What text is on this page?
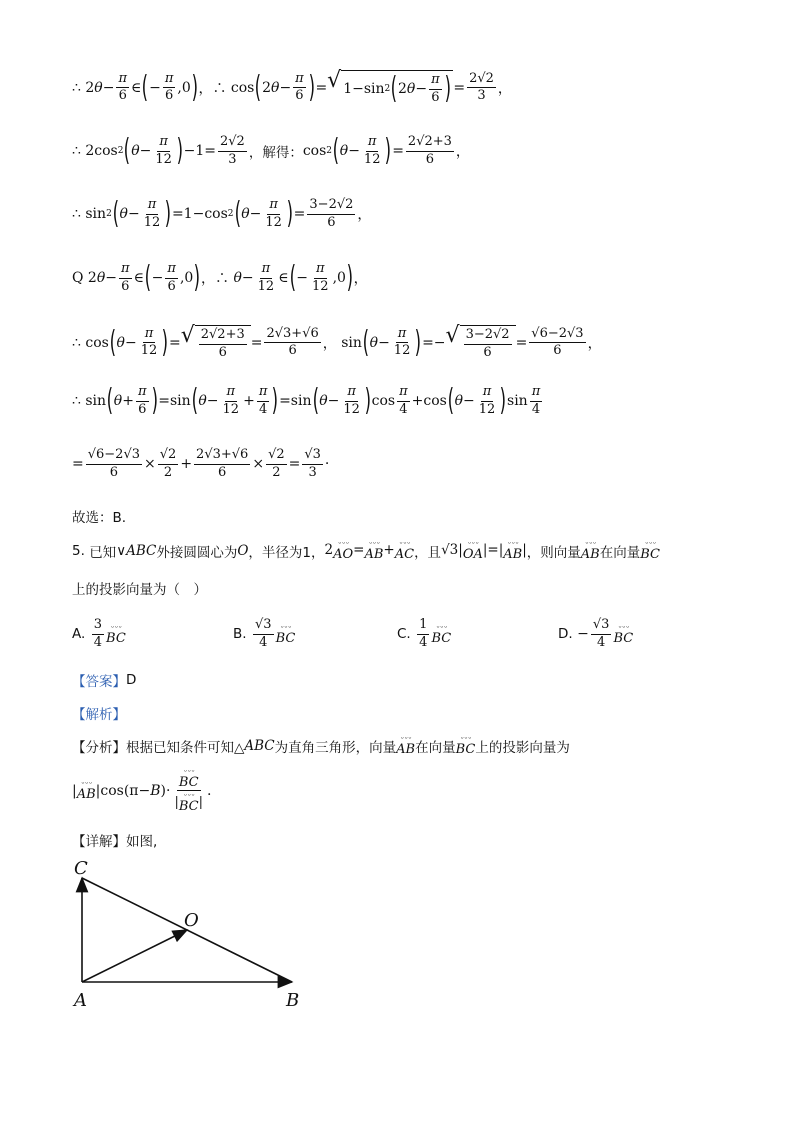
∴ 2 $\theta - \frac{\pi}{6}$ ∈ ( − $\frac{\pi}{6} ,0$ ) ，∴ cos ( 2 $\theta - \frac{\pi}{6}$ ) = √ 1−sin 2 ( 2 $\theta - \frac{\pi}{6}$ ) = $\frac{2√2}{3}$ ，
∴ 2cos 2 ( $\theta - \frac{\pi}{12}$ ) $-1= \frac{2√2}{3}$ ，解得： cos 2 ( $\theta - \frac{\pi}{12}$ ) = $\frac{2√2+3}{6}$ ，
∴ sin 2 ( $\theta - \frac{\pi}{12}$ ) =1−cos 2 ( $\theta - \frac{\pi}{12}$ ) = $\frac{3-2√2}{6}$ ，
Q 2 $\theta - \frac{\pi}{6}$ ∈ ( − $\frac{\pi}{6} ,0$ ) ，∴
$\theta - \frac{\pi}{12}$ ∈ ( − $\frac{\pi}{12} ,0$ ) ，
∴ cos ( $\theta - \frac{\pi}{12}$ ) = √ $\frac{2√2+3}{6} = \frac{2√3+√6}{6}$ ， sin ( $\theta - \frac{\pi}{12}$ ) =− √ $\frac{3-2√2}{6} = \frac{√6-2√3}{6}$ ，
∴ sin ( $\theta + \frac{\pi}{6}$ ) =sin ( $\theta - \frac{\pi}{12} + \frac{\pi}{4}$ ) =sin ( $\theta - \frac{\pi}{12}$ ) $\cos \frac{\pi}{4} +\cos$ ( $\theta - \frac{\pi}{12}$ ) $\sin \frac{\pi}{4}$
= $\frac{√6-2√3}{6} \times \frac{√2}{2} + \frac{2√3+√6}{6} \times \frac{√2}{2} = \frac{√3}{3}$ ·
故选：B.
5.
已知 ∨ ABC 外接圆圆心为 O ，半径为1， 2 ᵕᵕᵕ
AO = ᵕᵕᵕ
AB + ᵕᵕᵕ
AC ，且 √3| ᵕᵕᵕ
OA |=| ᵕᵕᵕ
AB | ，则向量
ᵕᵕᵕ
AB 在向量
ᵕᵕᵕ
BC
上的投影向量为（　）
A.
$\frac{3}{4}$ ᵕᵕᵕ
BC	B.
$\frac{√3}{4}$ ᵕᵕᵕ
BC	C.
$\frac{1}{4}$ ᵕᵕᵕ
BC	D.
− $\frac{√3}{4}$ ᵕᵕᵕ
BC
【答案】 D
【解析】
【分析】 根据已知条件可知△ ABC 为直角三角形，向量
ᵕᵕᵕ
AB 在向量
ᵕᵕᵕ
BC 上的投影向量为
| ᵕᵕᵕ
AB |cos(π− B )· ᵕᵕᵕ
BC
| ᵕᵕᵕ
BC | .
【详解】 如图,
C
O
A	B
